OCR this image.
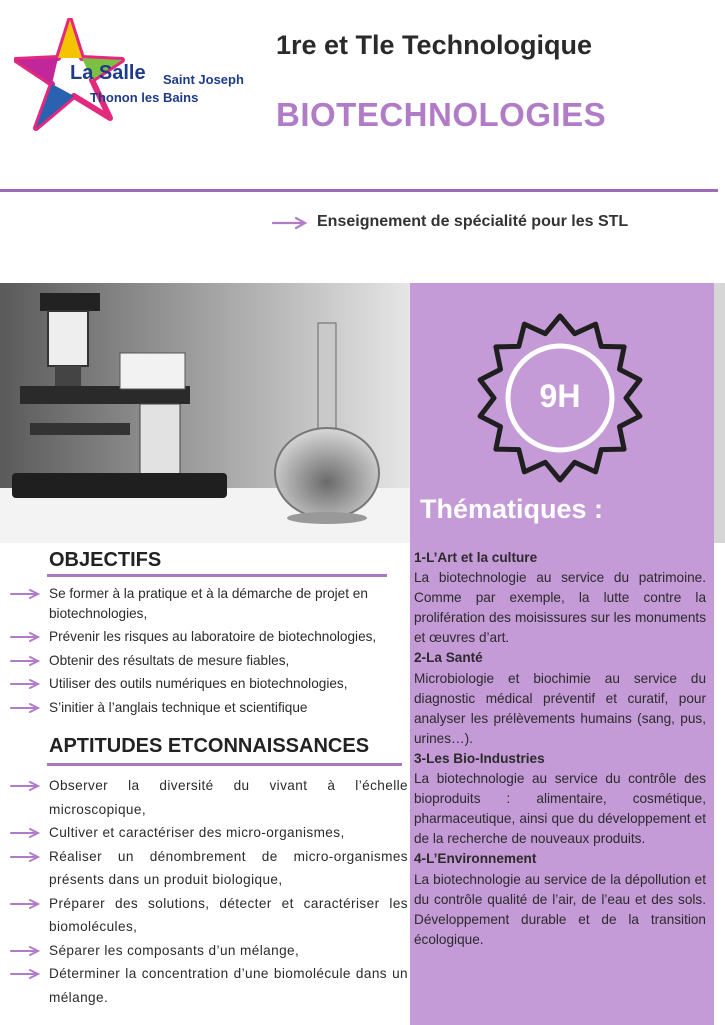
La Salle Saint Joseph
Thonon les Bains
1re et Tle Technologique
BIOTECHNOLOGIES
Enseignement de spécialité pour les STL
9H
Thématiques :
1-L’Art et la culture
La biotechnologie au service du patrimoine. Comme par exemple, la lutte contre la prolifération des moisissures sur les monuments et œuvres d’art.
2-La Santé
Microbiologie et biochimie au service du diagnostic médical préventif et curatif, pour analyser les prélèvements humains (sang, pus, urines…).
3-Les Bio-Industries
La biotechnologie au service du contrôle des bioproduits : alimentaire, cosmétique, pharmaceutique, ainsi que du développement et de la recherche de nouveaux produits.
4-L’Environnement
La biotechnologie au service de la dépollution et du contrôle qualité de l’air, de l’eau et des sols. Développement durable et de la transition écologique.
OBJECTIFS
Se former à la pratique et à la démarche de projet en biotechnologies,
Prévenir les risques au laboratoire de biotechnologies,
Obtenir des résultats de mesure fiables,
Utiliser des outils numériques en biotechnologies,
S’initier à l’anglais technique et scientifique
APTITUDES ETCONNAISSANCES
Observer la diversité du vivant à l’échelle microscopique,
Cultiver et caractériser des micro-organismes,
Réaliser un dénombrement de micro-organismes présents dans un produit biologique,
Préparer des solutions, détecter et caractériser les biomolécules,
Séparer les composants d’un mélange,
Déterminer la concentration d’une biomolécule dans un mélange.
